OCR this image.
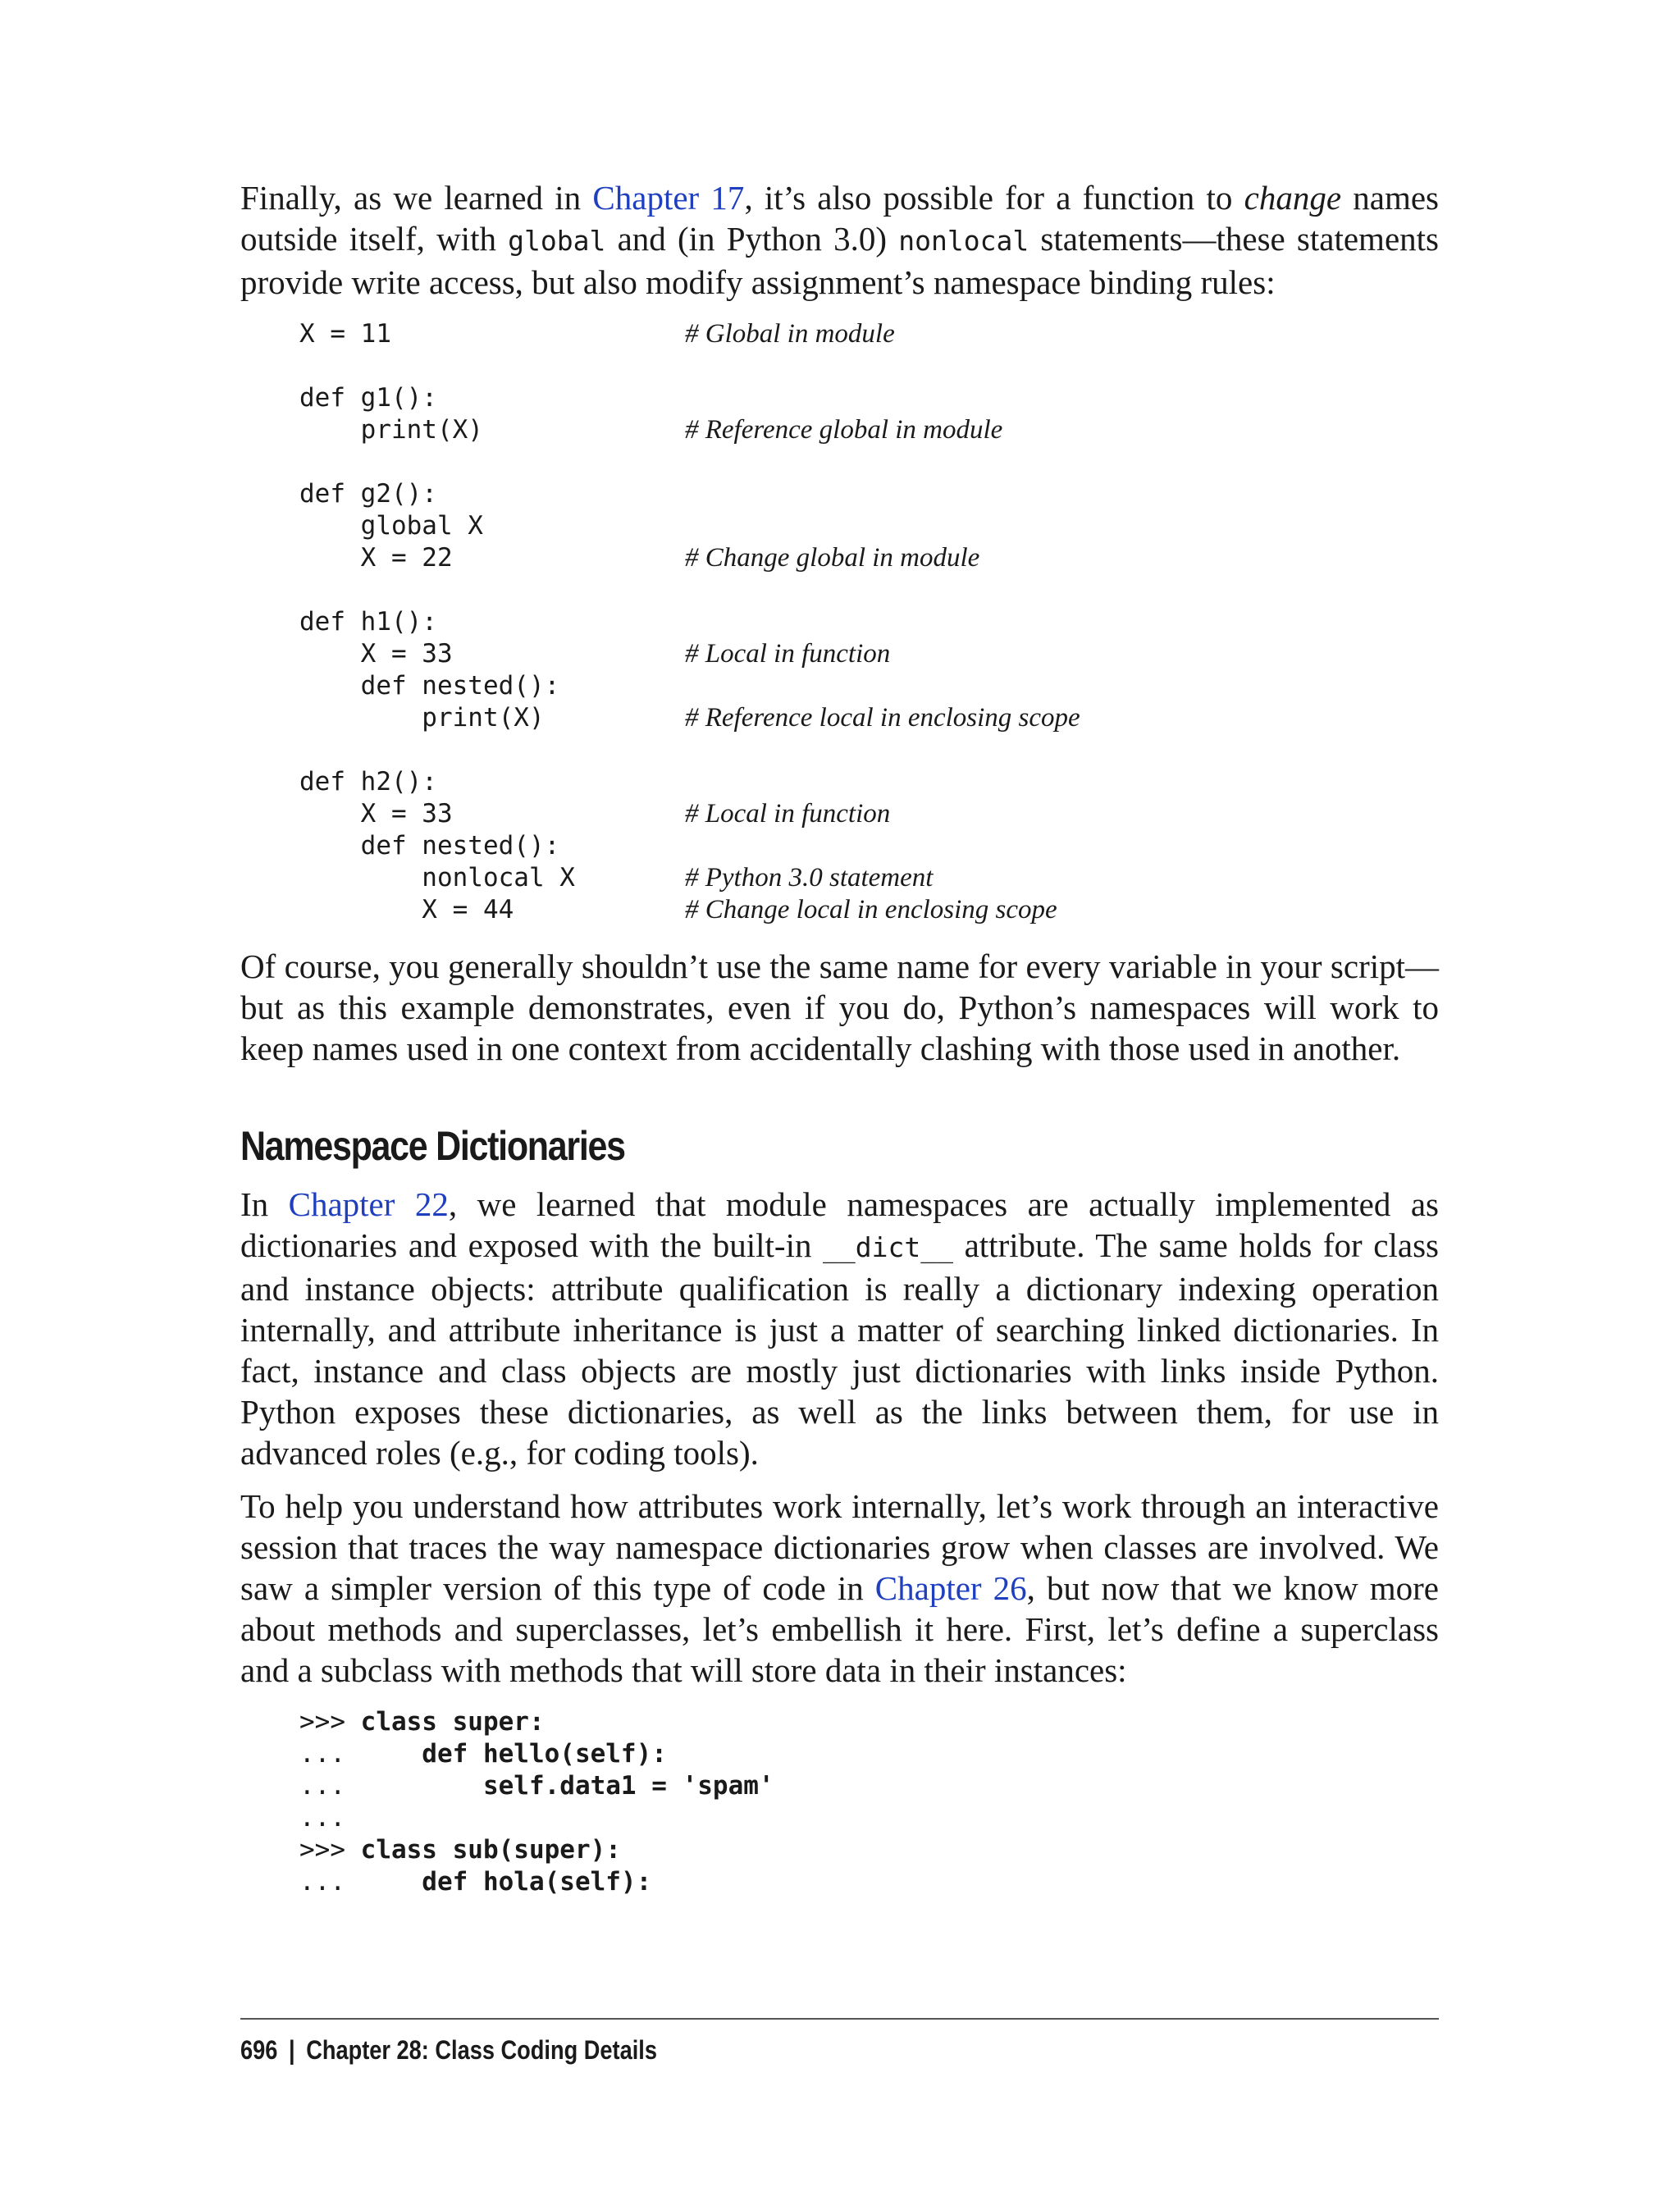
Finally, as we learned in Chapter 17, it’s also possible for a function to change names outside itself, with global and (in Python 3.0) nonlocal statements—these statements provide write access, but also modify assignment’s namespace binding rules:

X = 11	# Global in module
def g1():
print(X)	# Reference global in module
def g2():
global X
X = 22	# Change global in module
def h1():
X = 33	# Local in function
def nested():
print(X)	# Reference local in enclosing scope
def h2():
X = 33	# Local in function
def nested():
nonlocal X	# Python 3.0 statement
X = 44	# Change local in enclosing scope

Of course, you generally shouldn’t use the same name for every variable in your script—but as this example demonstrates, even if you do, Python’s namespaces will work to keep names used in one context from accidentally clashing with those used in another.

Namespace Dictionaries

In Chapter 22, we learned that module namespaces are actually implemented as dictionaries and exposed with the built-in __dict__ attribute. The same holds for class and instance objects: attribute qualification is really a dictionary indexing operation internally, and attribute inheritance is just a matter of searching linked dictionaries. In fact, instance and class objects are mostly just dictionaries with links inside Python. Python exposes these dictionaries, as well as the links between them, for use in advanced roles (e.g., for coding tools).

To help you understand how attributes work internally, let’s work through an interactive session that traces the way namespace dictionaries grow when classes are involved. We saw a simpler version of this type of code in Chapter 26, but now that we know more about methods and superclasses, let’s embellish it here. First, let’s define a superclass and a subclass with methods that will store data in their instances:

>>> class super:
...     def hello(self):
...         self.data1 = 'spam'
...
>>> class sub(super):
...     def hola(self):
696 | Chapter 28: Class Coding Details
